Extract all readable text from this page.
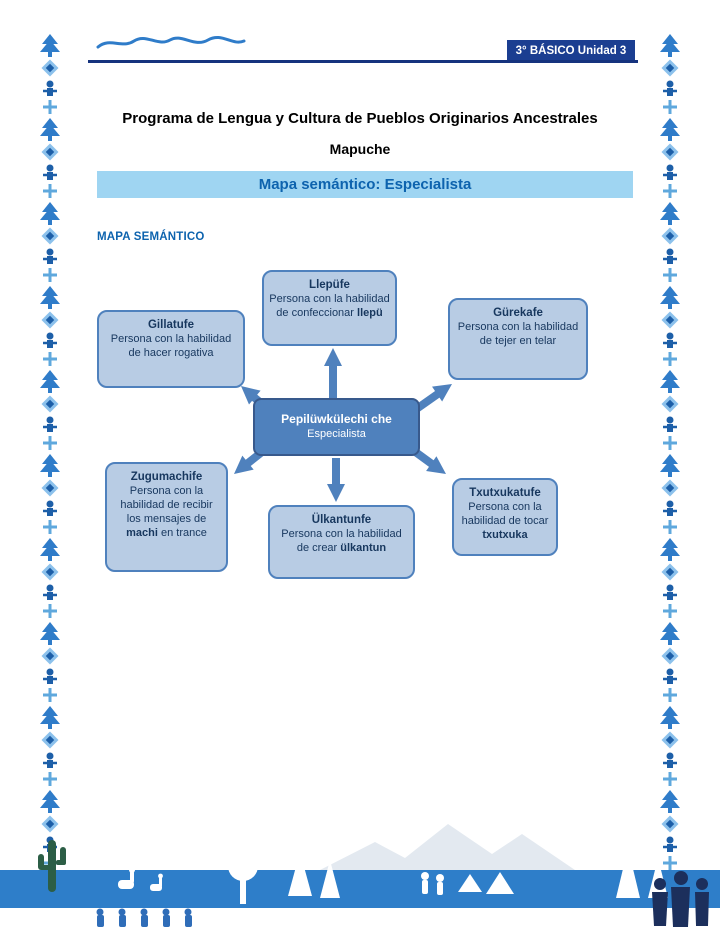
3° BÁSICO Unidad 3
Programa de Lengua y Cultura de Pueblos Originarios Ancestrales
Mapuche
Mapa semántico: Especialista
MAPA SEMÁNTICO
Llepüfe
Persona con la habilidad de confeccionar llepü
Gillatufe
Persona con la habilidad de hacer rogativa
Gürekafe
Persona con la habilidad de tejer en telar
Pepilüwkülechi che
Especialista
Zugumachife
Persona con la habilidad de recibir los mensajes de machi en trance
Ülkantunfe
Persona con la habilidad de crear ülkantun
Txutxukatufe
Persona con la habilidad de tocar txutxuka
